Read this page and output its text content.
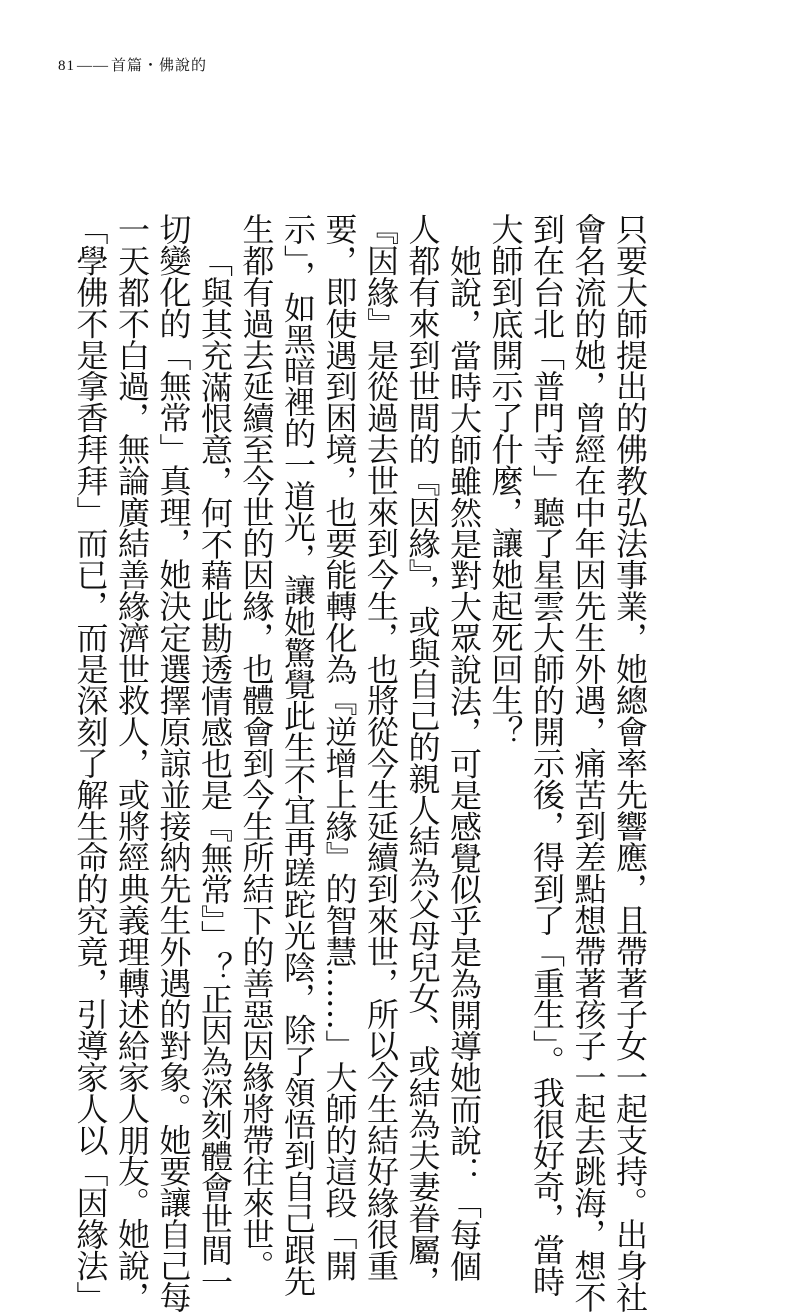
81 —— 首篇・佛說的

只要大師提出的佛教弘法事業，她總會率先響應，且帶著子女一起支持。出身社

會名流的她，曾經在中年因先生外遇，痛苦到差點想帶著孩子一起去跳海，想不

到在台北「普門寺」聽了星雲大師的開示後，得到了「重生」。我很好奇，當時

大師到底開示了什麼，讓她起死回生？

她說，當時大師雖然是對大眾說法，可是感覺似乎是為開導她而說：「每個

人都有來到世間的『因緣』，或與自己的親人結為父母兒女、或結為夫妻眷屬，

『因緣』是從過去世來到今生，也將從今生延續到來世，所以今生結好緣很重

要，即使遇到困境，也要能轉化為『逆增上緣』的智慧……」大師的這段「開

示」，如黑暗裡的一道光，讓她驚覺此生不宜再蹉跎光陰，除了領悟到自己跟先

生都有過去延續至今世的因緣，也體會到今生所結下的善惡因緣將帶往來世。

「與其充滿恨意，何不藉此勘透情感也是『無常』」？正因為深刻體會世間一

切變化的「無常」真理，她決定選擇原諒並接納先生外遇的對象。她要讓自己每

一天都不白過，無論廣結善緣濟世救人，或將經典義理轉述給家人朋友。她說，

「學佛不是拿香拜拜」而已，而是深刻了解生命的究竟，引導家人以「因緣法」
